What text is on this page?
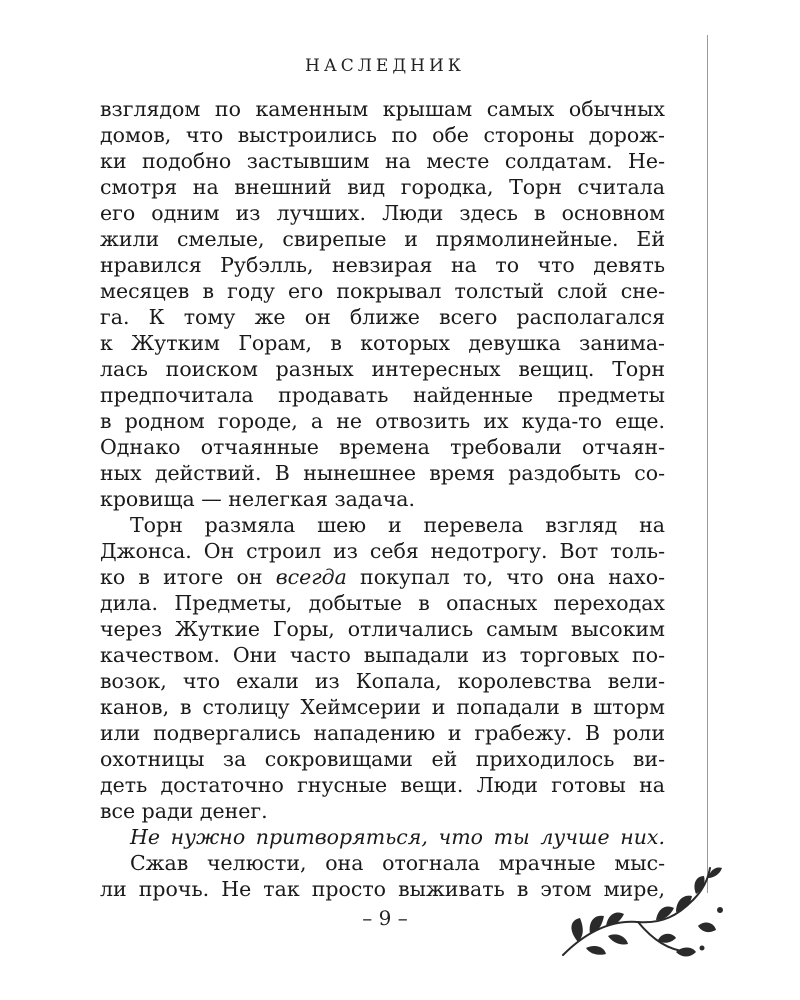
НАСЛЕДНИК
взглядом по каменным крышам самых обычных
домов, что выстроились по обе стороны дорож-
ки подобно застывшим на месте солдатам. Не-
смотря на внешний вид городка, Торн считала
его одним из лучших. Люди здесь в основном
жили смелые, свирепые и прямолинейные. Ей
нравился Рубэлль, невзирая на то что девять
месяцев в году его покрывал толстый слой сне-
га. К тому же он ближе всего располагался
к Жутким Горам, в которых девушка занима-
лась поиском разных интересных вещиц. Торн
предпочитала продавать найденные предметы
в родном городе, а не отвозить их куда-то еще.
Однако отчаянные времена требовали отчаян-
ных действий. В нынешнее время раздобыть со-
кровища — нелегкая задача.
Торн размяла шею и перевела взгляд на
Джонса. Он строил из себя недотрогу. Вот толь-
ко в итоге он всегда покупал то, что она нахо-
дила. Предметы, добытые в опасных переходах
через Жуткие Горы, отличались самым высоким
качеством. Они часто выпадали из торговых по-
возок, что ехали из Копала, королевства вели-
канов, в столицу Хеймсерии и попадали в шторм
или подвергались нападению и грабежу. В роли
охотницы за сокровищами ей приходилось ви-
деть достаточно гнусные вещи. Люди готовы на
все ради денег.
Не нужно притворяться, что ты лучше них.
Сжав челюсти, она отогнала мрачные мыс-
ли прочь. Не так просто выживать в этом мире,
– 9 –
